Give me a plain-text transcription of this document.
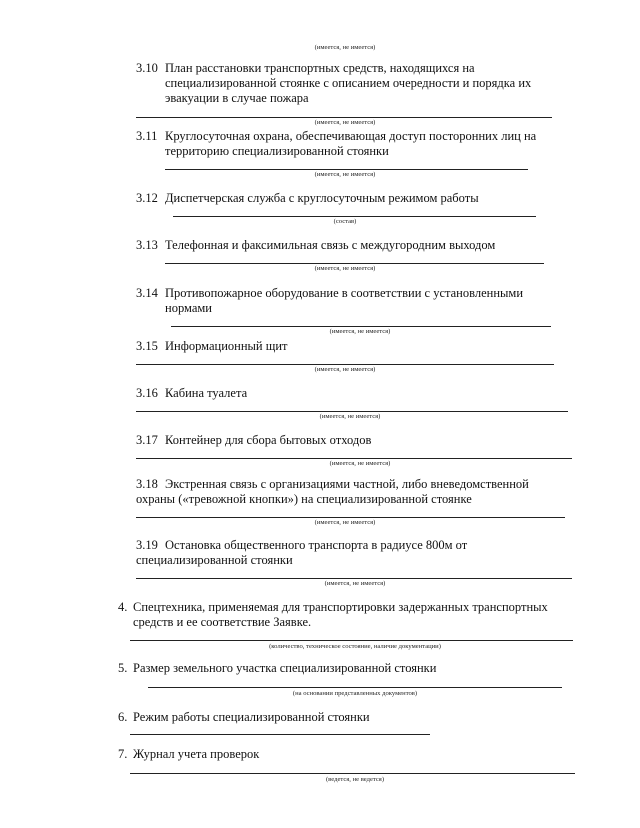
(имеется, не имеется)
3.10 План расстановки транспортных средств, находящихся на
специализированной стоянке с описанием очередности и порядка их
эвакуации в случае пожара
(имеется, не имеется)
3.11 Круглосуточная охрана, обеспечивающая доступ посторонних лиц на
территорию специализированной стоянки
(имеется, не имеется)
3.12 Диспетчерская служба с круглосуточным режимом работы
(состав)
3.13 Телефонная и факсимильная связь с междугородним выходом
(имеется, не имеется)
3.14 Противопожарное оборудование в соответствии с установленными
нормами
(имеется, не имеется)
3.15 Информационный щит
(имеется, не имеется)
3.16 Кабина туалета
(имеется, не имеется)
3.17 Контейнер для сбора бытовых отходов
(имеется, не имеется)
3.18 Экстренная связь с организациями частной, либо вневедомственной
охраны («тревожной кнопки») на специализированной стоянке
(имеется, не имеется)
3.19 Остановка общественного транспорта в радиусе 800м от
специализированной стоянки
(имеется, не имеется)
4. Спецтехника, применяемая для транспортировки задержанных транспортных
средств и ее соответствие Заявке.
(количество, техническое состояние, наличие документации)
5. Размер земельного участка специализированной стоянки
(на основании представленных документов)
6. Режим работы специализированной стоянки
7. Журнал учета проверок
(ведется, не ведется)
